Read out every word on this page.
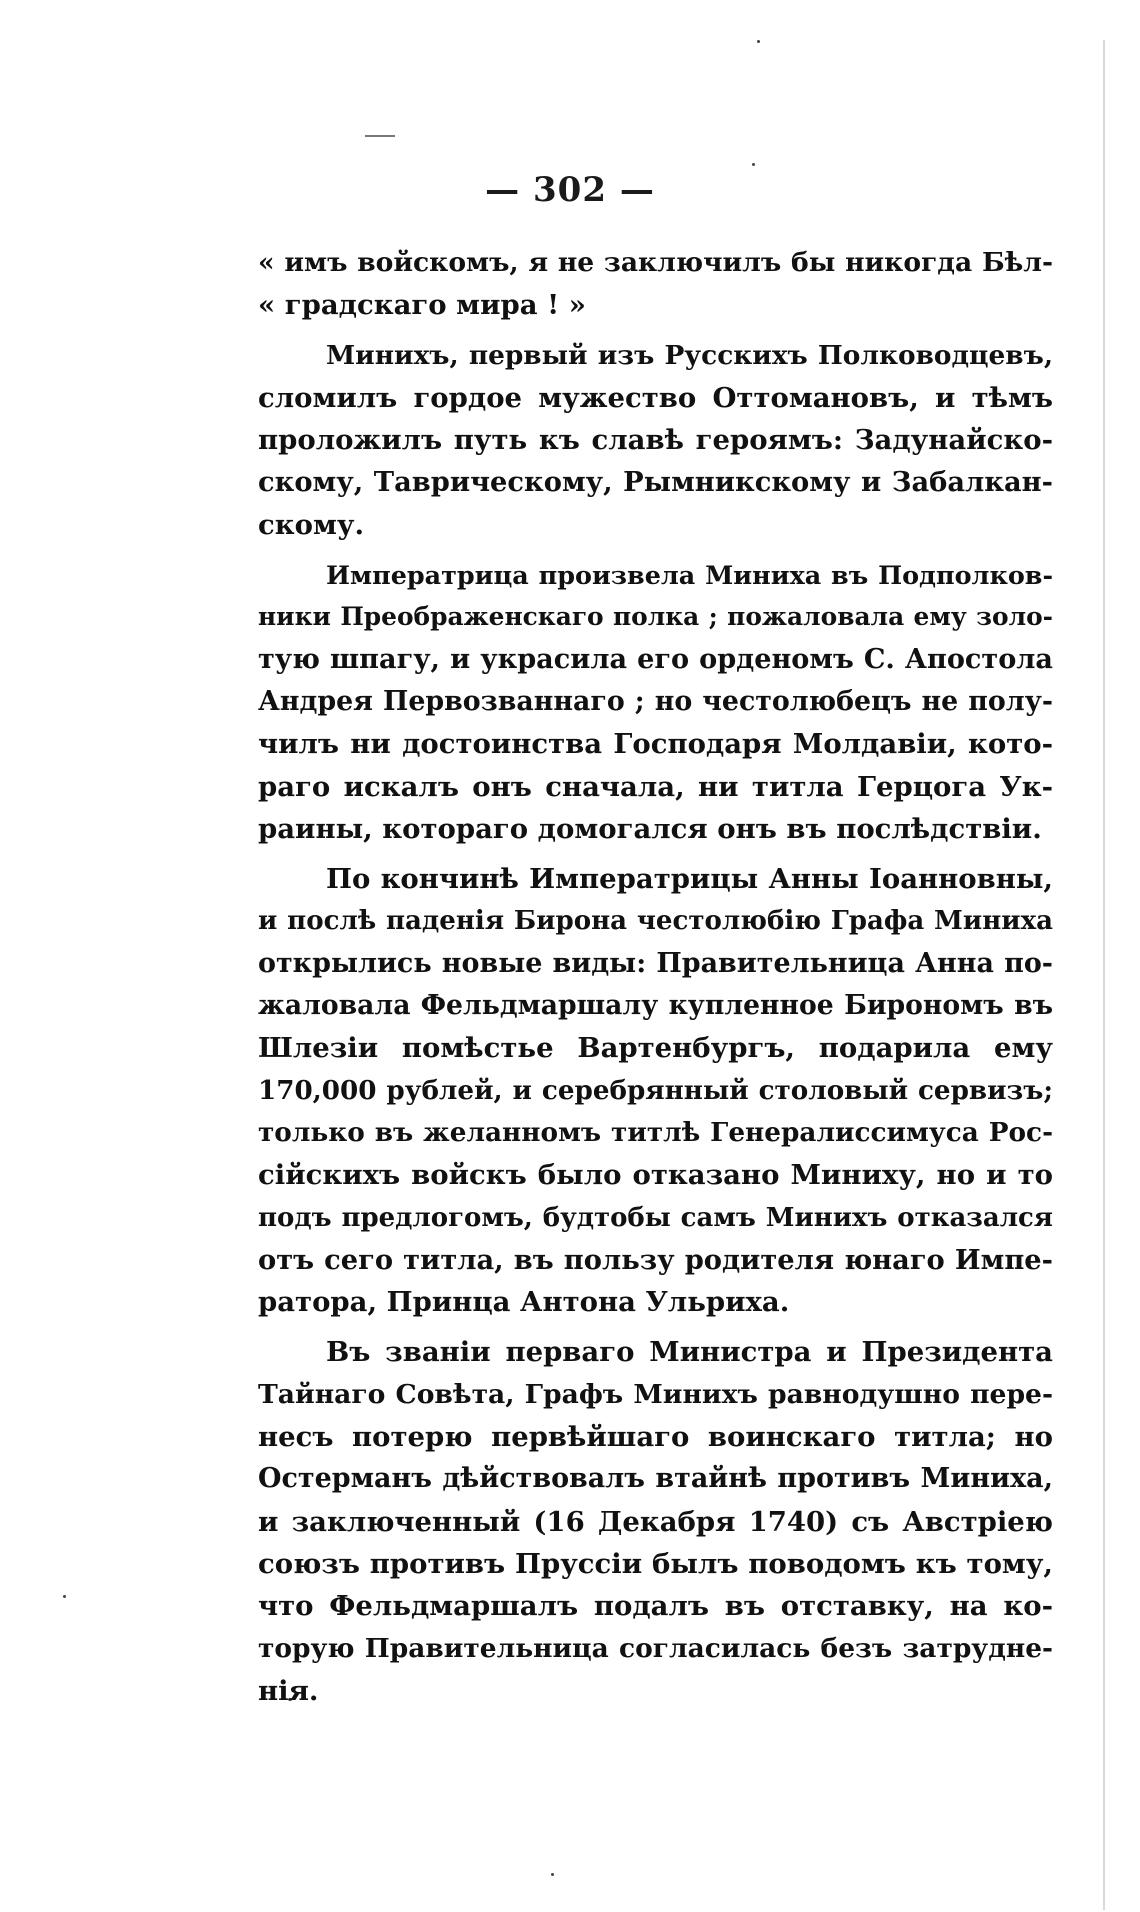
— 302 —
« имъ войскомъ, я не заключилъ бы никогда Бѣл-
« градскаго мира ! »
Минихъ, первый изъ Русскихъ Полководцевъ,
сломилъ гордое мужество Оттомановъ, и тѣмъ
проложилъ путь къ славѣ героямъ: Задунайско-
скому, Таврическому, Рымникскому и Забалкан-
скому.
Императрица произвела Миниха въ Подполков-
ники Преображенскаго полка ; пожаловала ему золо-
тую шпагу, и украсила его орденомъ С. Апостола
Андрея Первозваннаго ; но честолюбецъ не полу-
чилъ ни достоинства Господаря Молдавіи, кото-
раго искалъ онъ сначала, ни титла Герцога Ук-
раины, котораго домогался онъ въ послѣдствіи.
По кончинѣ Императрицы Анны Іоанновны,
и послѣ паденія Бирона честолюбію Графа Миниха
открылись новые виды: Правительница Анна по-
жаловала Фельдмаршалу купленное Бирономъ въ
Шлезіи помѣстье Вартенбургъ, подарила ему
170,000 рублей, и серебрянный столовый сервизъ;
только въ желанномъ титлѣ Генералиссимуса Рос-
сійскихъ войскъ было отказано Миниху, но и то
подъ предлогомъ, будтобы самъ Минихъ отказался
отъ сего титла, въ пользу родителя юнаго Импе-
ратора, Принца Антона Ульриха.
Въ званіи перваго Министра и Президента
Тайнаго Совѣта, Графъ Минихъ равнодушно пере-
несъ потерю первѣйшаго воинскаго титла; но
Остерманъ дѣйствовалъ втайнѣ противъ Миниха,
и заключенный (16 Декабря 1740) съ Австріею
союзъ противъ Пруссіи былъ поводомъ къ тому,
что Фельдмаршалъ подалъ въ отставку, на ко-
торую Правительница согласилась безъ затрудне-
нія.
